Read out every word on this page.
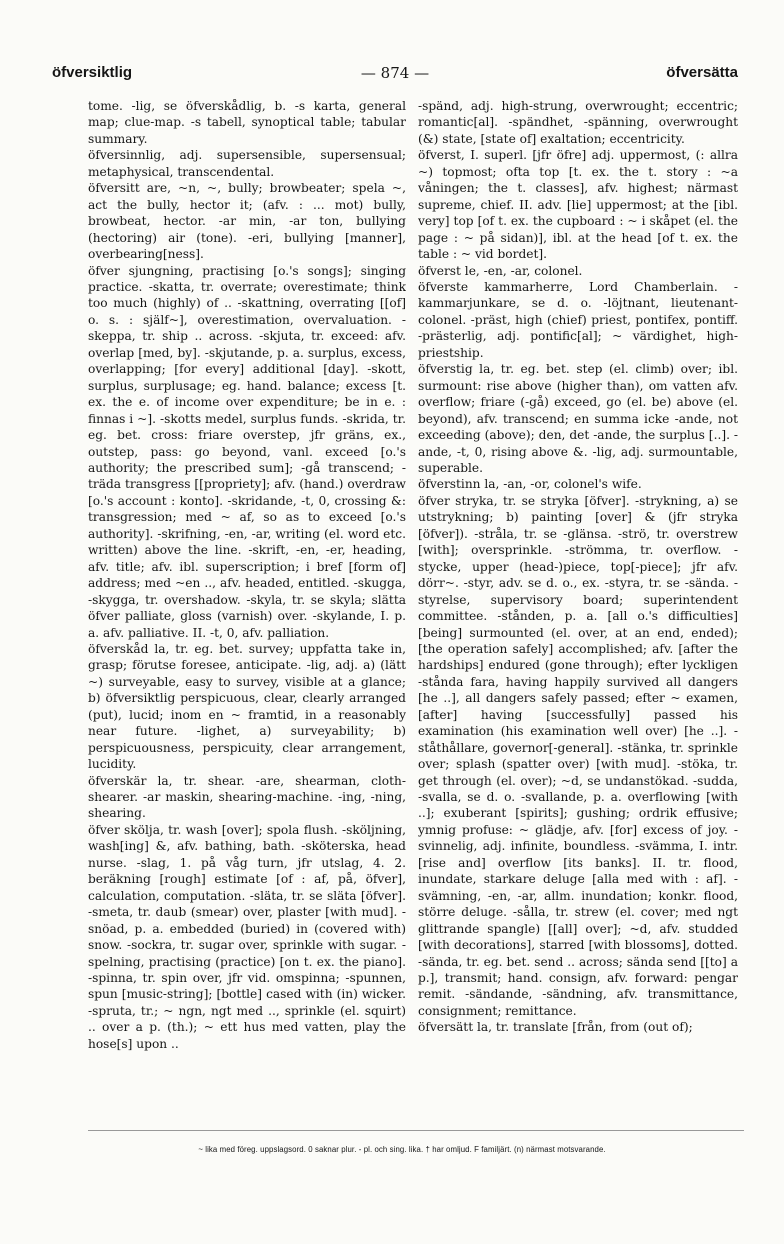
öfversiktlig	— 874 —	öfversätta

tome. -lig, se öfverskådlig, b. -s karta, general map; clue-map. -s tabell, synoptical table; tabular summary.

öfversinnlig, adj. supersensible, supersensual; metaphysical, transcendental.

öfversitt are, ~n, ~, bully; browbeater; spela ~, act the bully, hector it; (afv. : ... mot) bully, browbeat, hector. -ar min, -ar ton, bullying (hectoring) air (tone). -eri, bullying [manner], overbearing[ness].

öfver sjungning, practising [o.'s songs]; singing practice. -skatta, tr. overrate; overestimate; think too much (highly) of .. -skattning, overrating [[of] o. s. : själf~], overestimation, overvaluation. -skeppa, tr. ship .. across. -skjuta, tr. exceed: afv. overlap [med, by]. -skjutande, p. a. surplus, excess, overlapping; [for every] additional [day]. -skott, surplus, surplusage; eg. hand. balance; excess [t. ex. the e. of income over expenditure; be in e. : finnas i ~]. -skotts medel, surplus funds. -skrida, tr. eg. bet. cross: friare overstep, jfr gräns, ex., outstep, pass: go beyond, vanl. exceed [o.'s authority; the prescribed sum]; -gå transcend; -träda transgress [[propriety]; afv. (hand.) overdraw [o.'s account : konto]. -skridande, -t, 0, crossing &: transgression; med ~ af, so as to exceed [o.'s authority]. -skrifning, -en, -ar, writing (el. word etc. written) above the line. -skrift, -en, -er, heading, afv. title; afv. ibl. superscription; i bref [form of] address; med ~en .., afv. headed, entitled. -skugga, -skygga, tr. overshadow. -skyla, tr. se skyla; slätta öfver palliate, gloss (varnish) over. -skylande, I. p. a. afv. palliative. II. -t, 0, afv. palliation.

öfverskåd la, tr. eg. bet. survey; uppfatta take in, grasp; förutse foresee, anticipate. -lig, adj. a) (lätt ~) surveyable, easy to survey, visible at a glance; b) öfversiktlig perspicuous, clear, clearly arranged (put), lucid; inom en ~ framtid, in a reasonably near future. -lighet, a) surveyability; b) perspicuousness, perspicuity, clear arrangement, lucidity.

öfverskär la, tr. shear. -are, shearman, cloth-shearer. -ar maskin, shearing-machine. -ing, -ning, shearing.

öfver skölja, tr. wash [over]; spola flush. -sköljning, wash[ing] &, afv. bathing, bath. -sköterska, head nurse. -slag, 1. på våg turn, jfr utslag, 4. 2. beräkning [rough] estimate [of : af, på, öfver], calculation, computation. -släta, tr. se släta [öfver]. -smeta, tr. daub (smear) over, plaster [with mud]. -snöad, p. a. embedded (buried) in (covered with) snow. -sockra, tr. sugar over, sprinkle with sugar. -spelning, practising (practice) [on t. ex. the piano]. -spinna, tr. spin over, jfr vid. omspinna; -spunnen, spun [music-string]; [bottle] cased with (in) wicker. -spruta, tr.; ~ ngn, ngt med .., sprinkle (el. squirt) .. over a p. (th.); ~ ett hus med vatten, play the hose[s] upon ..

-spänd, adj. high-strung, overwrought; eccentric; romantic[al]. -spändhet, -spänning, overwrought (&) state, [state of] exaltation; eccentricity.

öfverst, I. superl. [jfr öfre] adj. uppermost, (: allra ~) topmost; ofta top [t. ex. the t. story : ~a våningen; the t. classes], afv. highest; närmast supreme, chief. II. adv. [lie] uppermost; at the [ibl. very] top [of t. ex. the cupboard : ~ i skåpet (el. the page : ~ på sidan)], ibl. at the head [of t. ex. the table : ~ vid bordet].

öfverst le, -en, -ar, colonel.

öfverste kammarherre, Lord Chamberlain. -kammarjunkare, se d. o. -löjtnant, lieutenant-colonel. -präst, high (chief) priest, pontifex, pontiff. -prästerlig, adj. pontific[al]; ~ värdighet, high-priestship.

öfverstig la, tr. eg. bet. step (el. climb) over; ibl. surmount: rise above (higher than), om vatten afv. overflow; friare (-gå) exceed, go (el. be) above (el. beyond), afv. transcend; en summa icke -ande, not exceeding (above); den, det -ande, the surplus [..]. -ande, -t, 0, rising above &. -lig, adj. surmountable, superable.

öfverstinn la, -an, -or, colonel's wife.

öfver stryka, tr. se stryka [öfver]. -strykning, a) se utstrykning; b) painting [over] & (jfr stryka [öfver]). -stråla, tr. se -glänsa. -strö, tr. overstrew [with]; oversprinkle. -strömma, tr. overflow. -stycke, upper (head-)piece, top[-piece]; jfr afv. dörr~. -styr, adv. se d. o., ex. -styra, tr. se -sända. -styrelse, supervisory board; superintendent committee. -stånden, p. a. [all o.'s difficulties] [being] surmounted (el. over, at an end, ended); [the operation safely] accomplished; afv. [after the hardships] endured (gone through); efter lyckligen -stånda fara, having happily survived all dangers [he ..], all dangers safely passed; efter ~ examen, [after] having [successfully] passed his examination (his examination well over) [he ..]. -ståthållare, governor[-general]. -stänka, tr. sprinkle over; splash (spatter over) [with mud]. -stöka, tr. get through (el. over); ~d, se undanstökad. -sudda, -svalla, se d. o. -svallande, p. a. overflowing [with ..]; exuberant [spirits]; gushing; ordrik effusive; ymnig profuse: ~ glädje, afv. [for] excess of joy. -svinnelig, adj. infinite, boundless. -svämma, I. intr. [rise and] overflow [its banks]. II. tr. flood, inundate, starkare deluge [alla med with : af]. -svämning, -en, -ar, allm. inundation; konkr. flood, större deluge. -sålla, tr. strew (el. cover; med ngt glittrande spangle) [[all] over]; ~d, afv. studded [with decorations], starred [with blossoms], dotted. -sända, tr. eg. bet. send .. across; sända send [[to] a p.], transmit; hand. consign, afv. forward: pengar remit. -sändande, -sändning, afv. transmittance, consignment; remittance.

öfversätt la, tr. translate [från, from (out of);

~ lika med föreg. uppslagsord. 0 saknar plur. - pl. och sing. lika. † har omljud. F familjärt. (n) närmast motsvarande.
